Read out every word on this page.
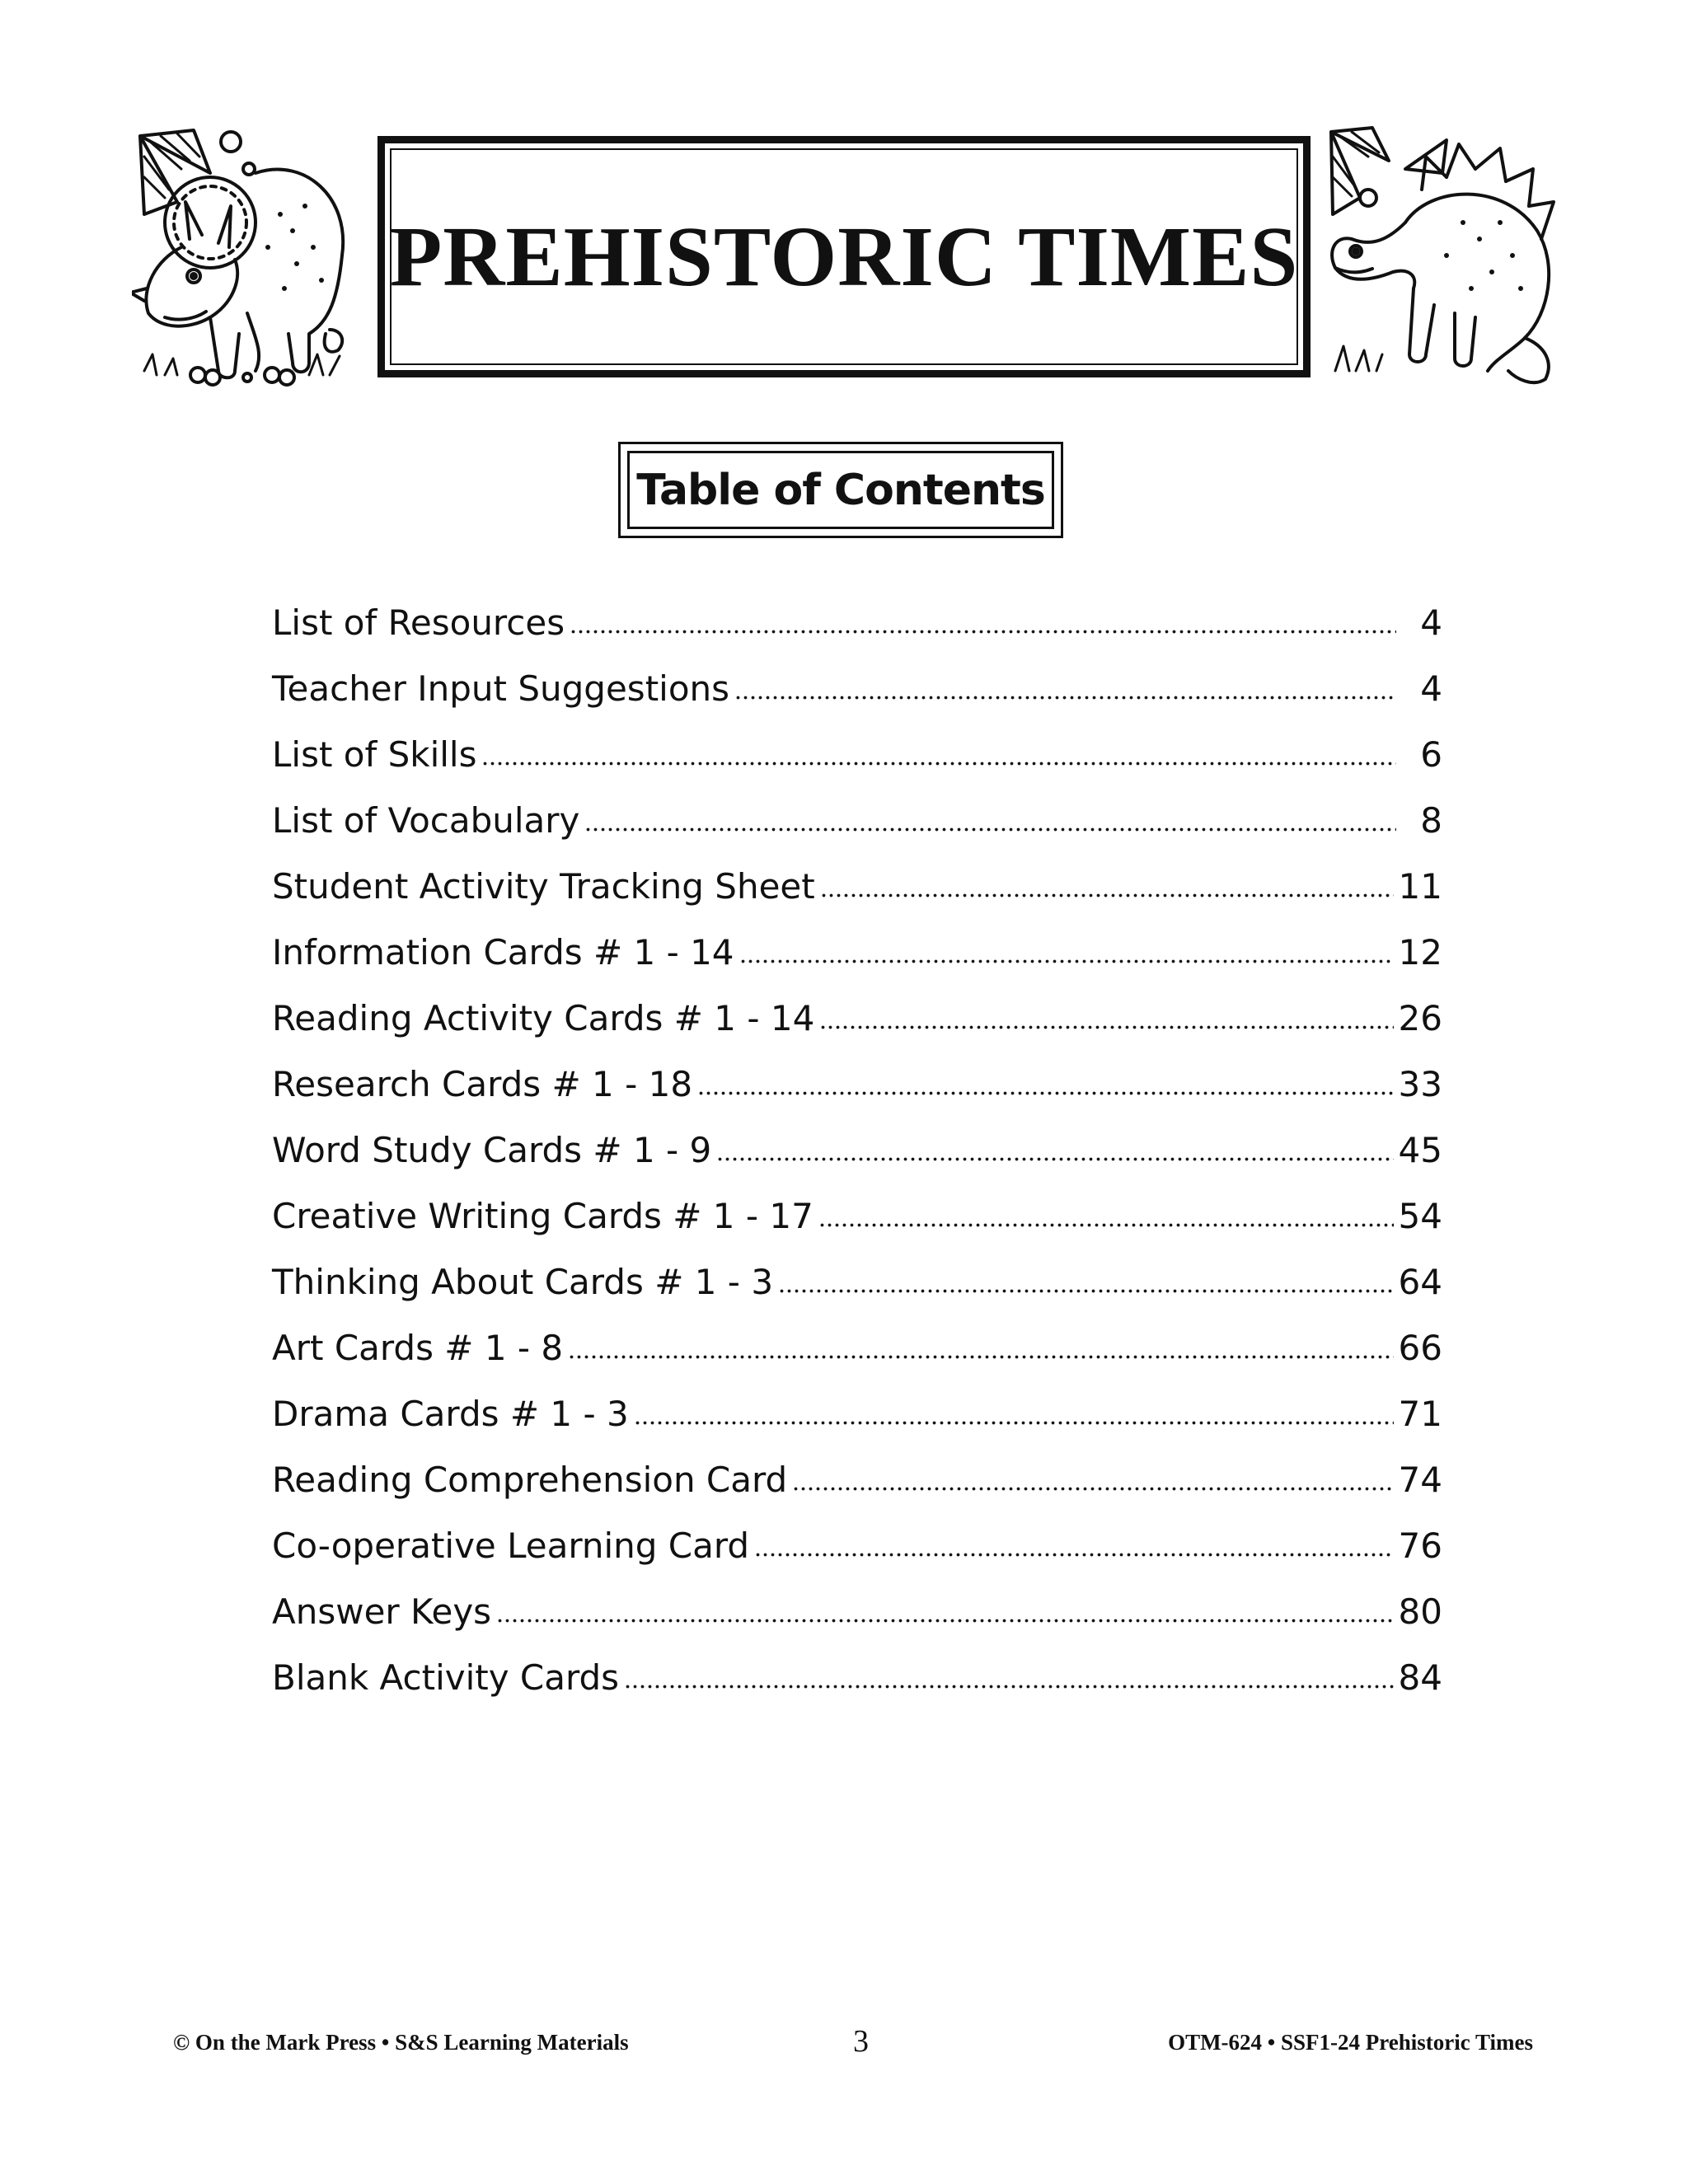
PREHISTORIC TIMES
Table of Contents
List of Resources	4
Teacher Input Suggestions	4
List of Skills	6
List of Vocabulary	8
Student Activity Tracking Sheet	11
Information Cards # 1 - 14	12
Reading Activity Cards # 1 - 14	26
Research Cards # 1 - 18	33
Word Study Cards # 1 - 9	45
Creative Writing Cards # 1 - 17	54
Thinking About Cards # 1 - 3	64
Art Cards # 1 - 8	66
Drama Cards # 1 - 3	71
Reading Comprehension Card	74
Co-operative Learning Card	76
Answer Keys	80
Blank Activity Cards	84
© On the Mark Press • S&S Learning Materials	3	OTM-624 • SSF1-24 Prehistoric Times
